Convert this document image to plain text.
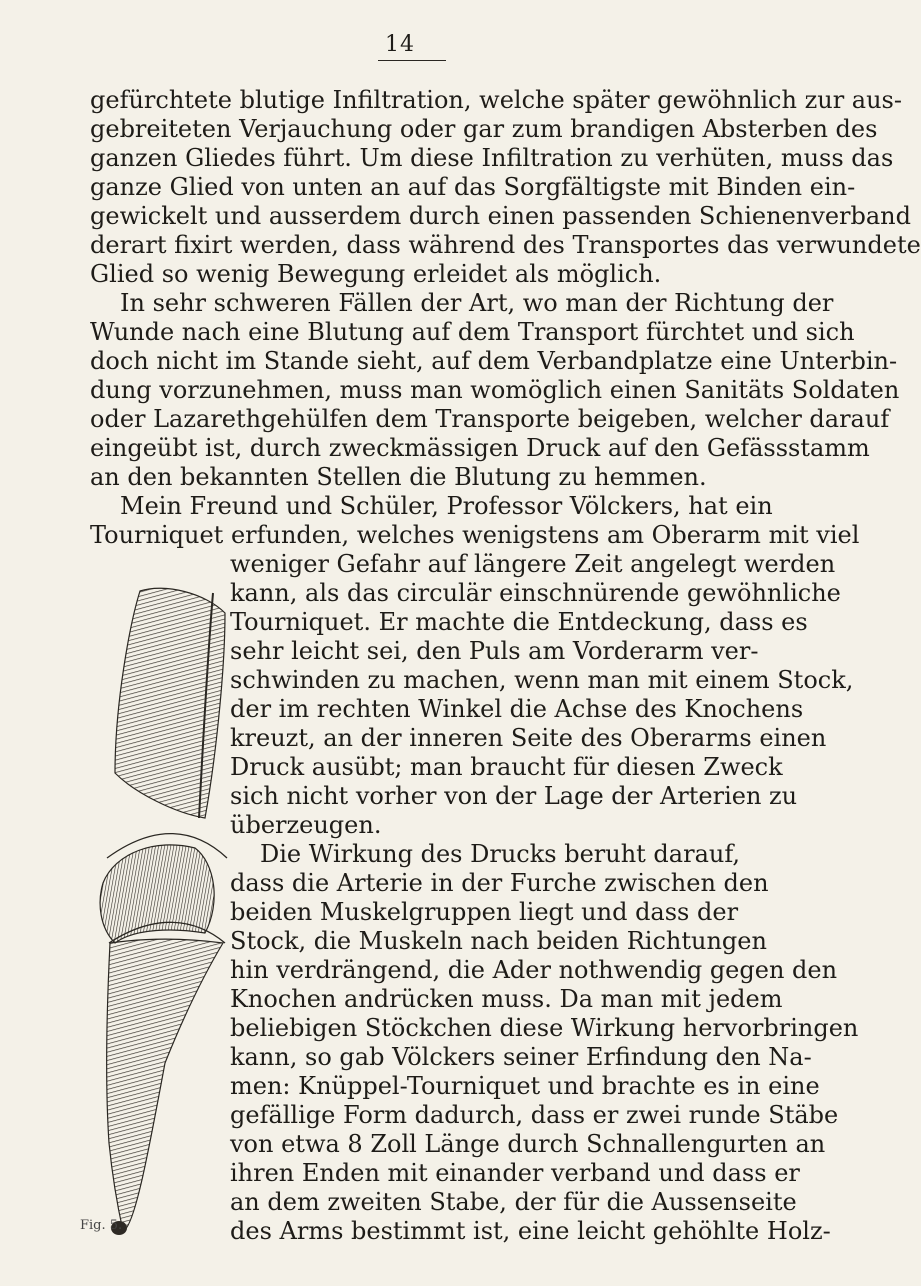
14
gefürchtete blutige Infiltration, welche später gewöhnlich zur aus-
gebreiteten Verjauchung oder gar zum brandigen Absterben des
ganzen Gliedes führt. Um diese Infiltration zu verhüten, muss das
ganze Glied von unten an auf das Sorgfältigste mit Binden ein-
gewickelt und ausserdem durch einen passenden Schienenverband
derart fixirt werden, dass während des Transportes das verwundete
Glied so wenig Bewegung erleidet als möglich.
In sehr schweren Fällen der Art, wo man der Richtung der
Wunde nach eine Blutung auf dem Transport fürchtet und sich
doch nicht im Stande sieht, auf dem Verbandplatze eine Unterbin-
dung vorzunehmen, muss man womöglich einen Sanitäts Soldaten
oder Lazarethgehülfen dem Transporte beigeben, welcher darauf
eingeübt ist, durch zweckmässigen Druck auf den Gefässstamm
an den bekannten Stellen die Blutung zu hemmen.
Mein Freund und Schüler, Professor Völckers, hat ein
Tourniquet erfunden, welches wenigstens am Oberarm mit viel
weniger Gefahr auf längere Zeit angelegt werden
kann, als das circulär einschnürende gewöhnliche
Tourniquet. Er machte die Entdeckung, dass es
sehr leicht sei, den Puls am Vorderarm ver-
schwinden zu machen, wenn man mit einem Stock,
der im rechten Winkel die Achse des Knochens
kreuzt, an der inneren Seite des Oberarms einen
Druck ausübt; man braucht für diesen Zweck
sich nicht vorher von der Lage der Arterien zu
überzeugen.
Die Wirkung des Drucks beruht darauf,
dass die Arterie in der Furche zwischen den
beiden Muskelgruppen liegt und dass der
Stock, die Muskeln nach beiden Richtungen
hin verdrängend, die Ader nothwendig gegen den
Knochen andrücken muss. Da man mit jedem
beliebigen Stöckchen diese Wirkung hervorbringen
kann, so gab Völckers seiner Erfindung den Na-
men: Knüppel-Tourniquet und brachte es in eine
gefällige Form dadurch, dass er zwei runde Stäbe
von etwa 8 Zoll Länge durch Schnallengurten an
ihren Enden mit einander verband und dass er
an dem zweiten Stabe, der für die Aussenseite
des Arms bestimmt ist, eine leicht gehöhlte Holz-
Fig. 5.
